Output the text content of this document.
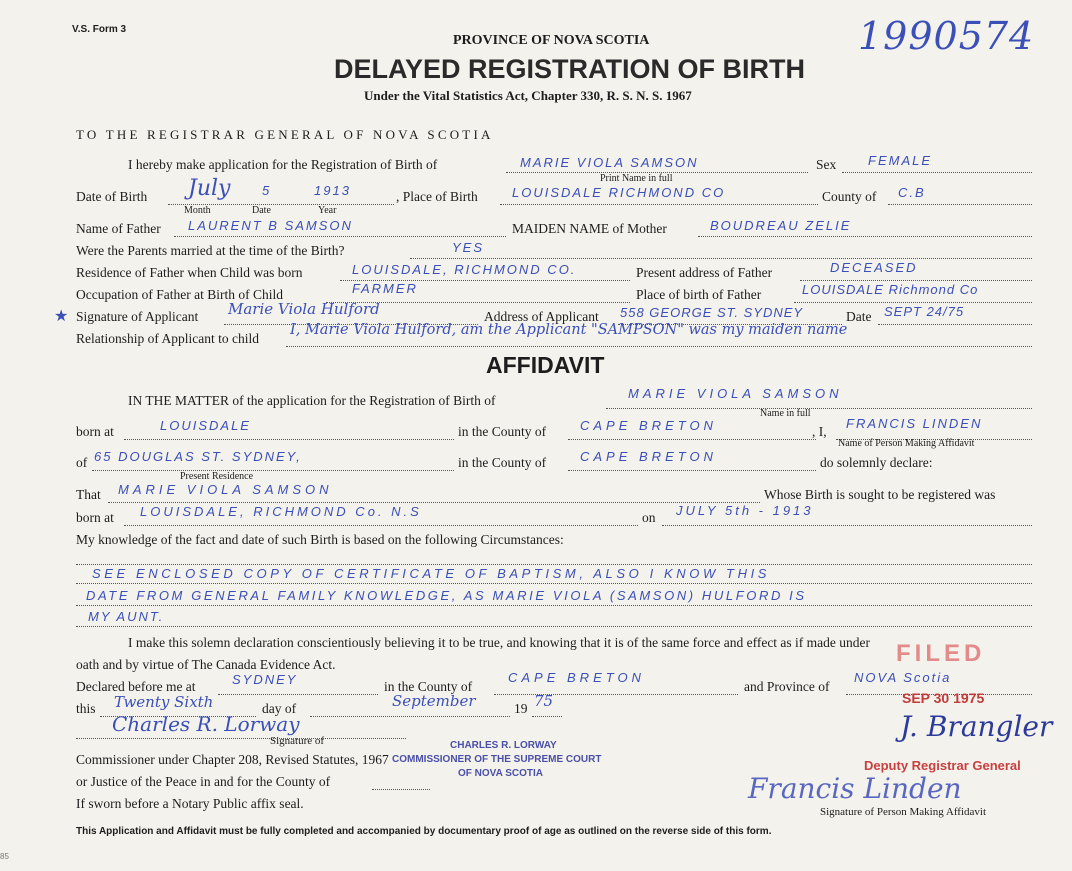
V.S. Form 3	1990574
PROVINCE OF NOVA SCOTIA
DELAYED REGISTRATION OF BIRTH
Under the Vital Statistics Act, Chapter 330, R. S. N. S. 1967
TO THE REGISTRAR GENERAL OF NOVA SCOTIA
I hereby make application for the Registration of Birth of	MARIE VIOLA SAMSON
Print Name in full
Sex FEMALE
Date of Birth July 5	1913
Month	Date	Year
, Place of Birth	LOUISDALE RICHMOND CO	County of C.B
Name of Father LAURENT B SAMSON	MAIDEN NAME of Mother	BOUDREAU ZELIE
Were the Parents married at the time of the Birth?	YES
Residence of Father when Child was born	LOUISDALE, RICHMOND CO.	Present address of Father	DECEASED
Occupation of Father at Birth of Child	FARMER	Place of birth of Father	LOUISDALE Richmond Co
★ Signature of Applicant Marie Viola Hulford	Address of Applicant 558 GEORGE ST. SYDNEY	Date SEPT 24/75
Relationship of Applicant to child
I, Marie Viola Hulford, am the Applicant "SAMPSON" was my maiden name
AFFIDAVIT
IN THE MATTER of the application for the Registration of Birth of	MARIE VIOLA SAMSON
Name in full
born at	LOUISDALE	in the County of	CAPE BRETON	, I,
FRANCIS LINDEN
Name of Person Making Affidavit
of 65 DOUGLAS ST. SYDNEY,
Present Residence
in the County of	CAPE BRETON	do solemnly declare:
That MARIE VIOLA SAMSON	Whose Birth is sought to be registered was
born at LOUISDALE, RICHMOND Co. N.S	on JULY 5th - 1913
My knowledge of the fact and date of such Birth is based on the following Circumstances:
SEE ENCLOSED COPY OF CERTIFICATE OF BAPTISM, ALSO I KNOW THIS
DATE FROM GENERAL FAMILY KNOWLEDGE, AS MARIE VIOLA (SAMSON) HULFORD IS
MY AUNT.
I make this solemn declaration conscientiously believing it to be true, and knowing that it is of the same force and effect as if made under
oath and by virtue of The Canada Evidence Act.
Declared before me at	SYDNEY	in the County of
CAPE BRETON
and Province of
NOVA Scotia
this Twenty Sixth	day of	September	19 75
Charles R. Lorway
Signature of
Commissioner under Chapter 208, Revised Statutes, 1967
or Justice of the Peace in and for the County of
If sworn before a Notary Public affix seal.
CHARLES R. LORWAY
COMMISSIONER OF THE SUPREME COURT
OF NOVA SCOTIA
FILED
SEP 30 1975
J. Brangler
Deputy Registrar General
Francis Linden
Signature of Person Making Affidavit
This Application and Affidavit must be fully completed and accompanied by documentary proof of age as outlined on the reverse side of this form.
85
